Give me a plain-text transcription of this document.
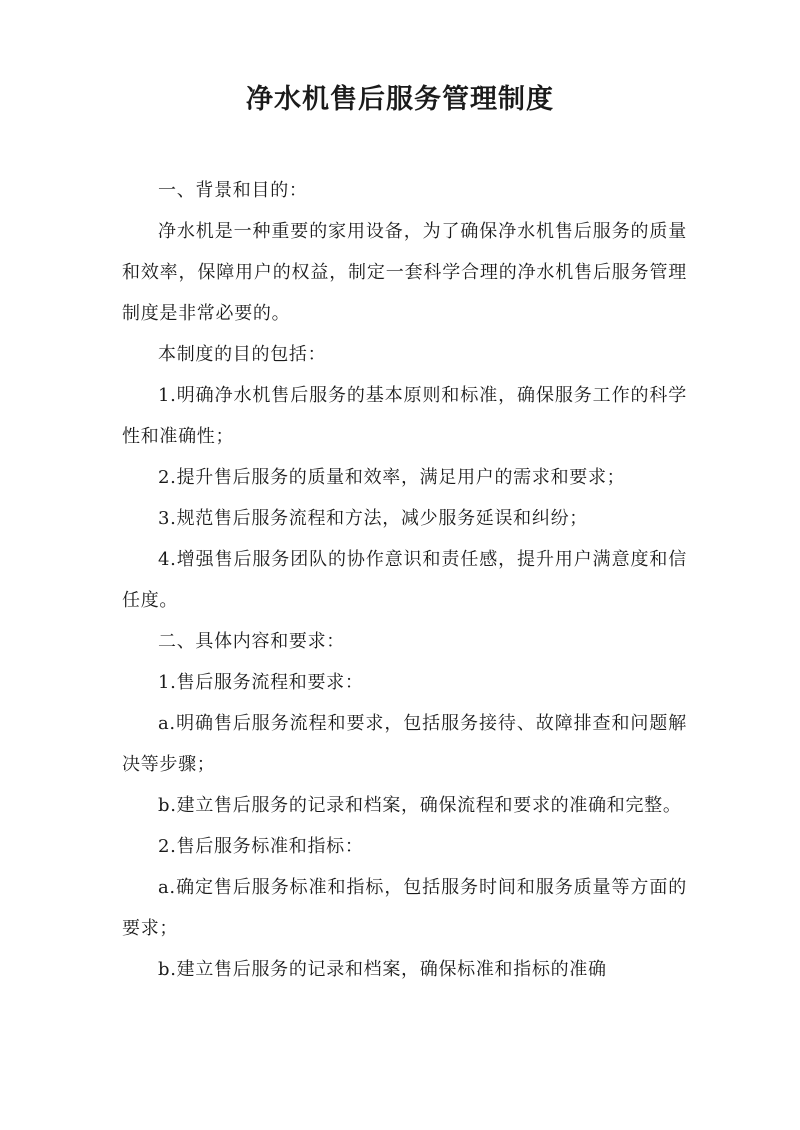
净水机售后服务管理制度

一、背景和目的：

净水机是一种重要的家用设备，为了确保净水机售后服务的质量和效率，保障用户的权益，制定一套科学合理的净水机售后服务管理制度是非常必要的。

本制度的目的包括：

1.明确净水机售后服务的基本原则和标准，确保服务工作的科学性和准确性；

2.提升售后服务的质量和效率，满足用户的需求和要求；

3.规范售后服务流程和方法，减少服务延误和纠纷；

4.增强售后服务团队的协作意识和责任感，提升用户满意度和信任度。

二、具体内容和要求：

1.售后服务流程和要求：

a.明确售后服务流程和要求，包括服务接待、故障排查和问题解决等步骤；

b.建立售后服务的记录和档案，确保流程和要求的准确和完整。

2.售后服务标准和指标：

a.确定售后服务标准和指标，包括服务时间和服务质量等方面的要求；

b.建立售后服务的记录和档案，确保标准和指标的准确
